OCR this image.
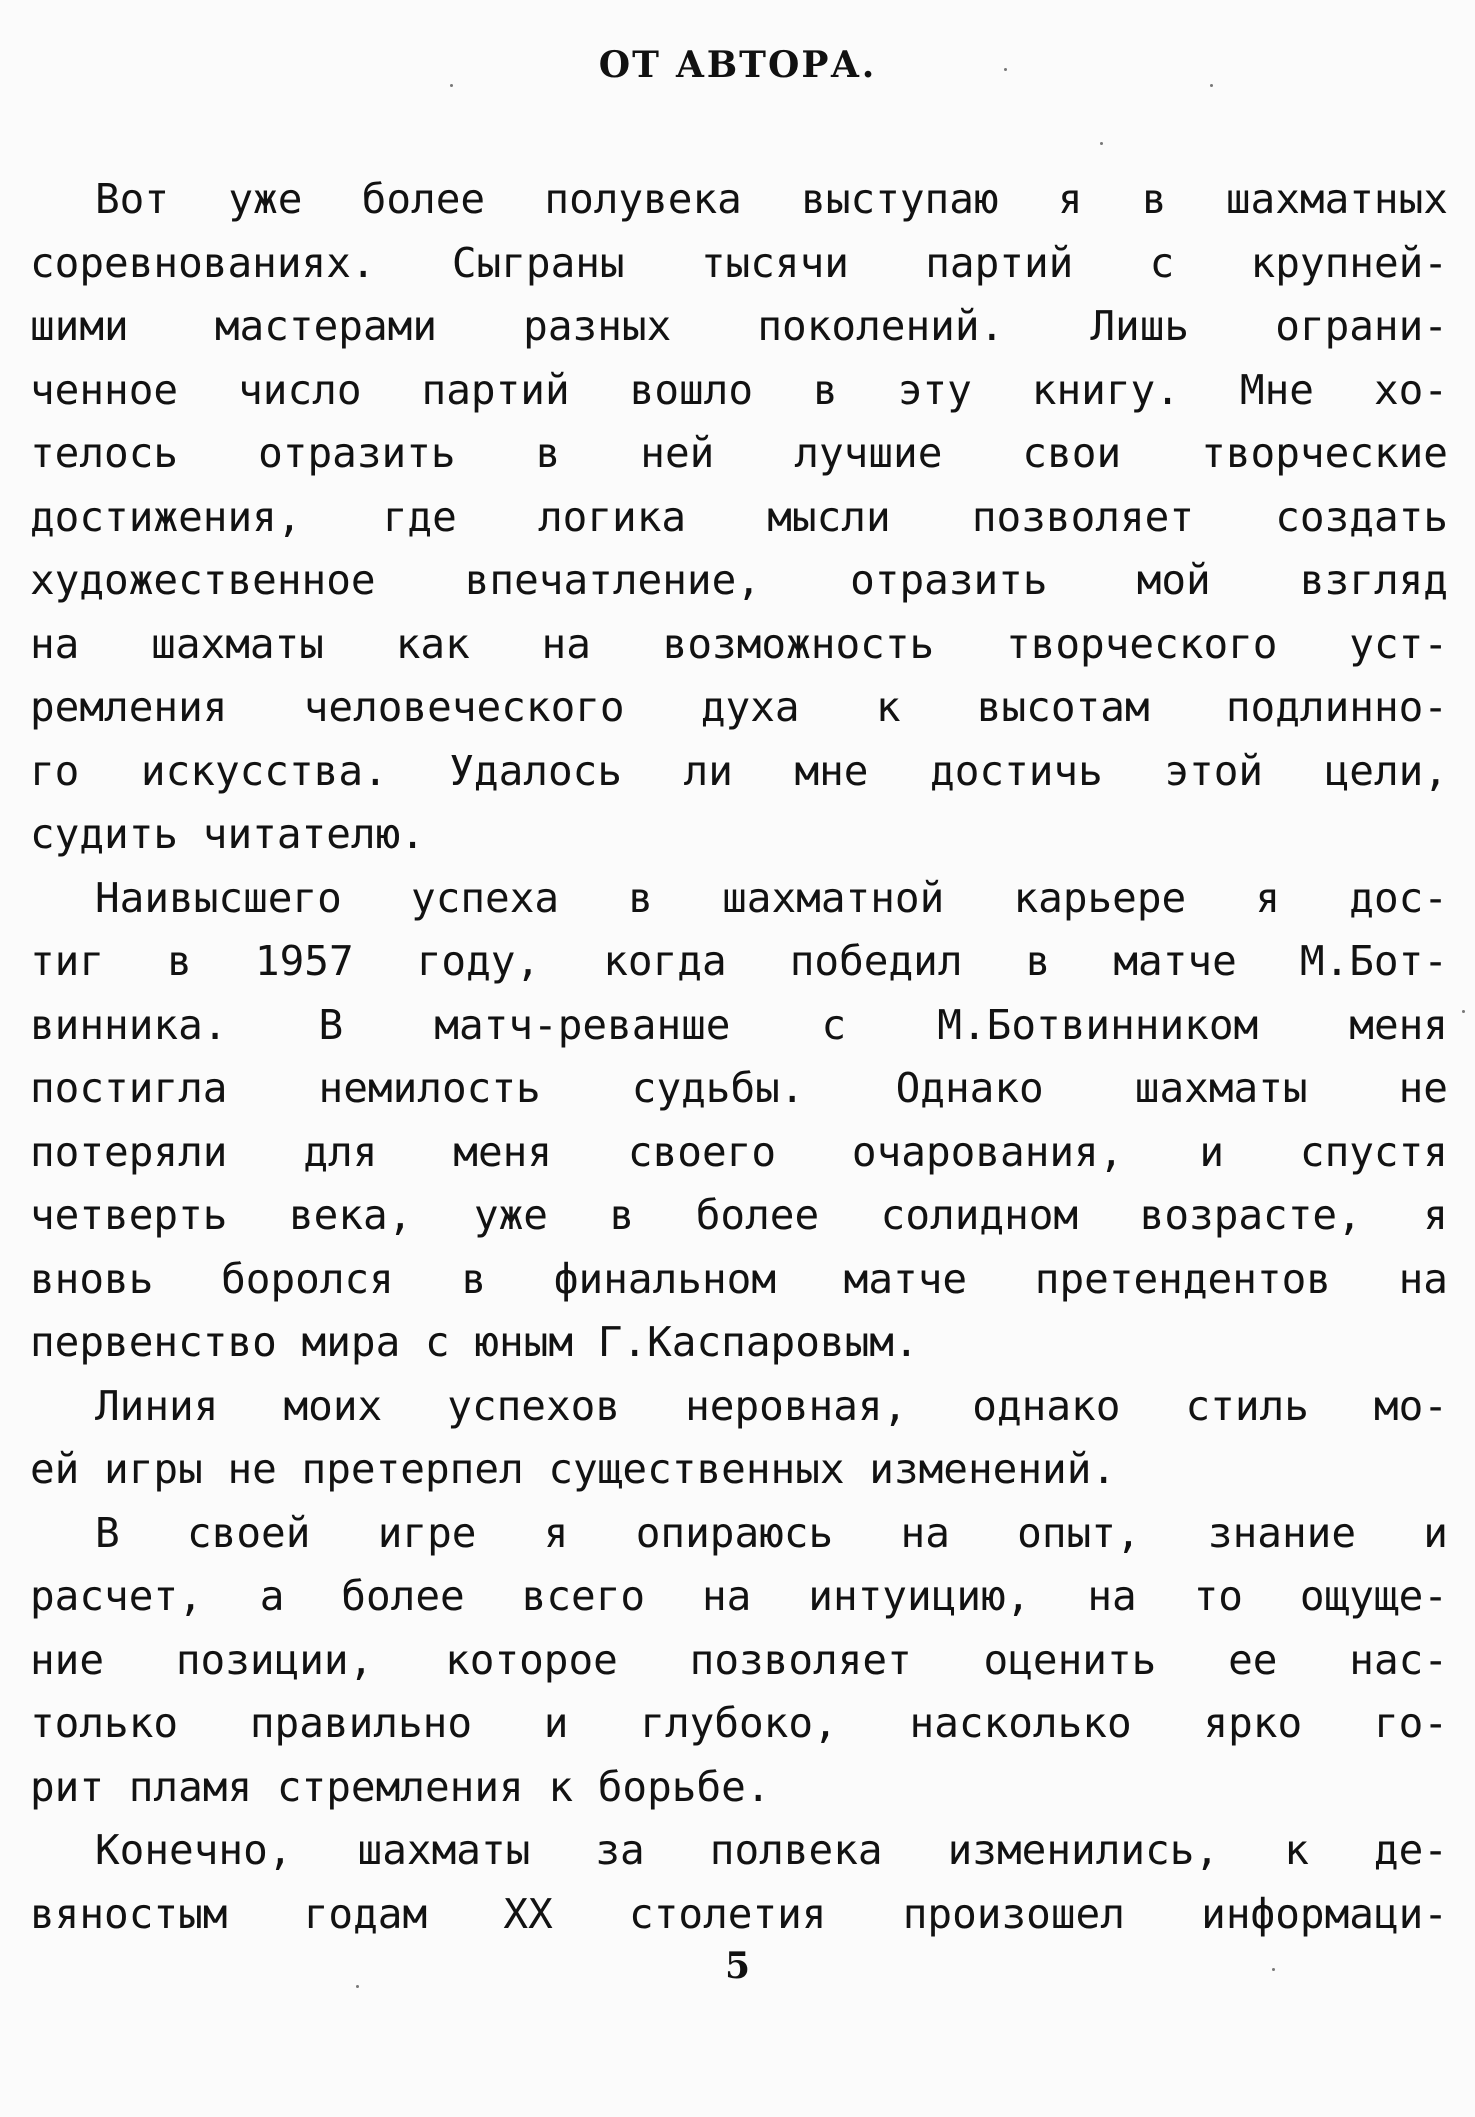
ОТ АВТОРА.
Вот уже более полувека выступаю я в шахматных
соревнованиях. Сыграны тысячи партий с крупней-
шими мастерами разных поколений. Лишь ограни-
ченное число партий вошло в эту книгу. Мне хо-
телось отразить в ней лучшие свои творческие
достижения, где логика мысли позволяет создать
художественное впечатление, отразить мой взгляд
на шахматы как на возможность творческого уст-
ремления человеческого духа к высотам подлинно-
го искусства. Удалось ли мне достичь этой цели,
судить читателю.
Наивысшего успеха в шахматной карьере я дос-
тиг в 1957 году, когда победил в матче М.Бот-
винника. В матч-реванше с М.Ботвинником меня
постигла немилость судьбы. Однако шахматы не
потеряли для меня своего очарования, и спустя
четверть века, уже в более солидном возрасте, я
вновь боролся в финальном матче претендентов на
первенство мира с юным Г.Каспаровым.
Линия моих успехов неровная, однако стиль мо-
ей игры не претерпел существенных изменений.
В своей игре я опираюсь на опыт, знание и
расчет, а более всего на интуицию, на то ощуще-
ние позиции, которое позволяет оценить ее нас-
только правильно и глубоко, насколько ярко го-
рит пламя стремления к борьбе.
Конечно, шахматы за полвека изменились, к де-
вяностым годам XX столетия произошел информаци-
5
